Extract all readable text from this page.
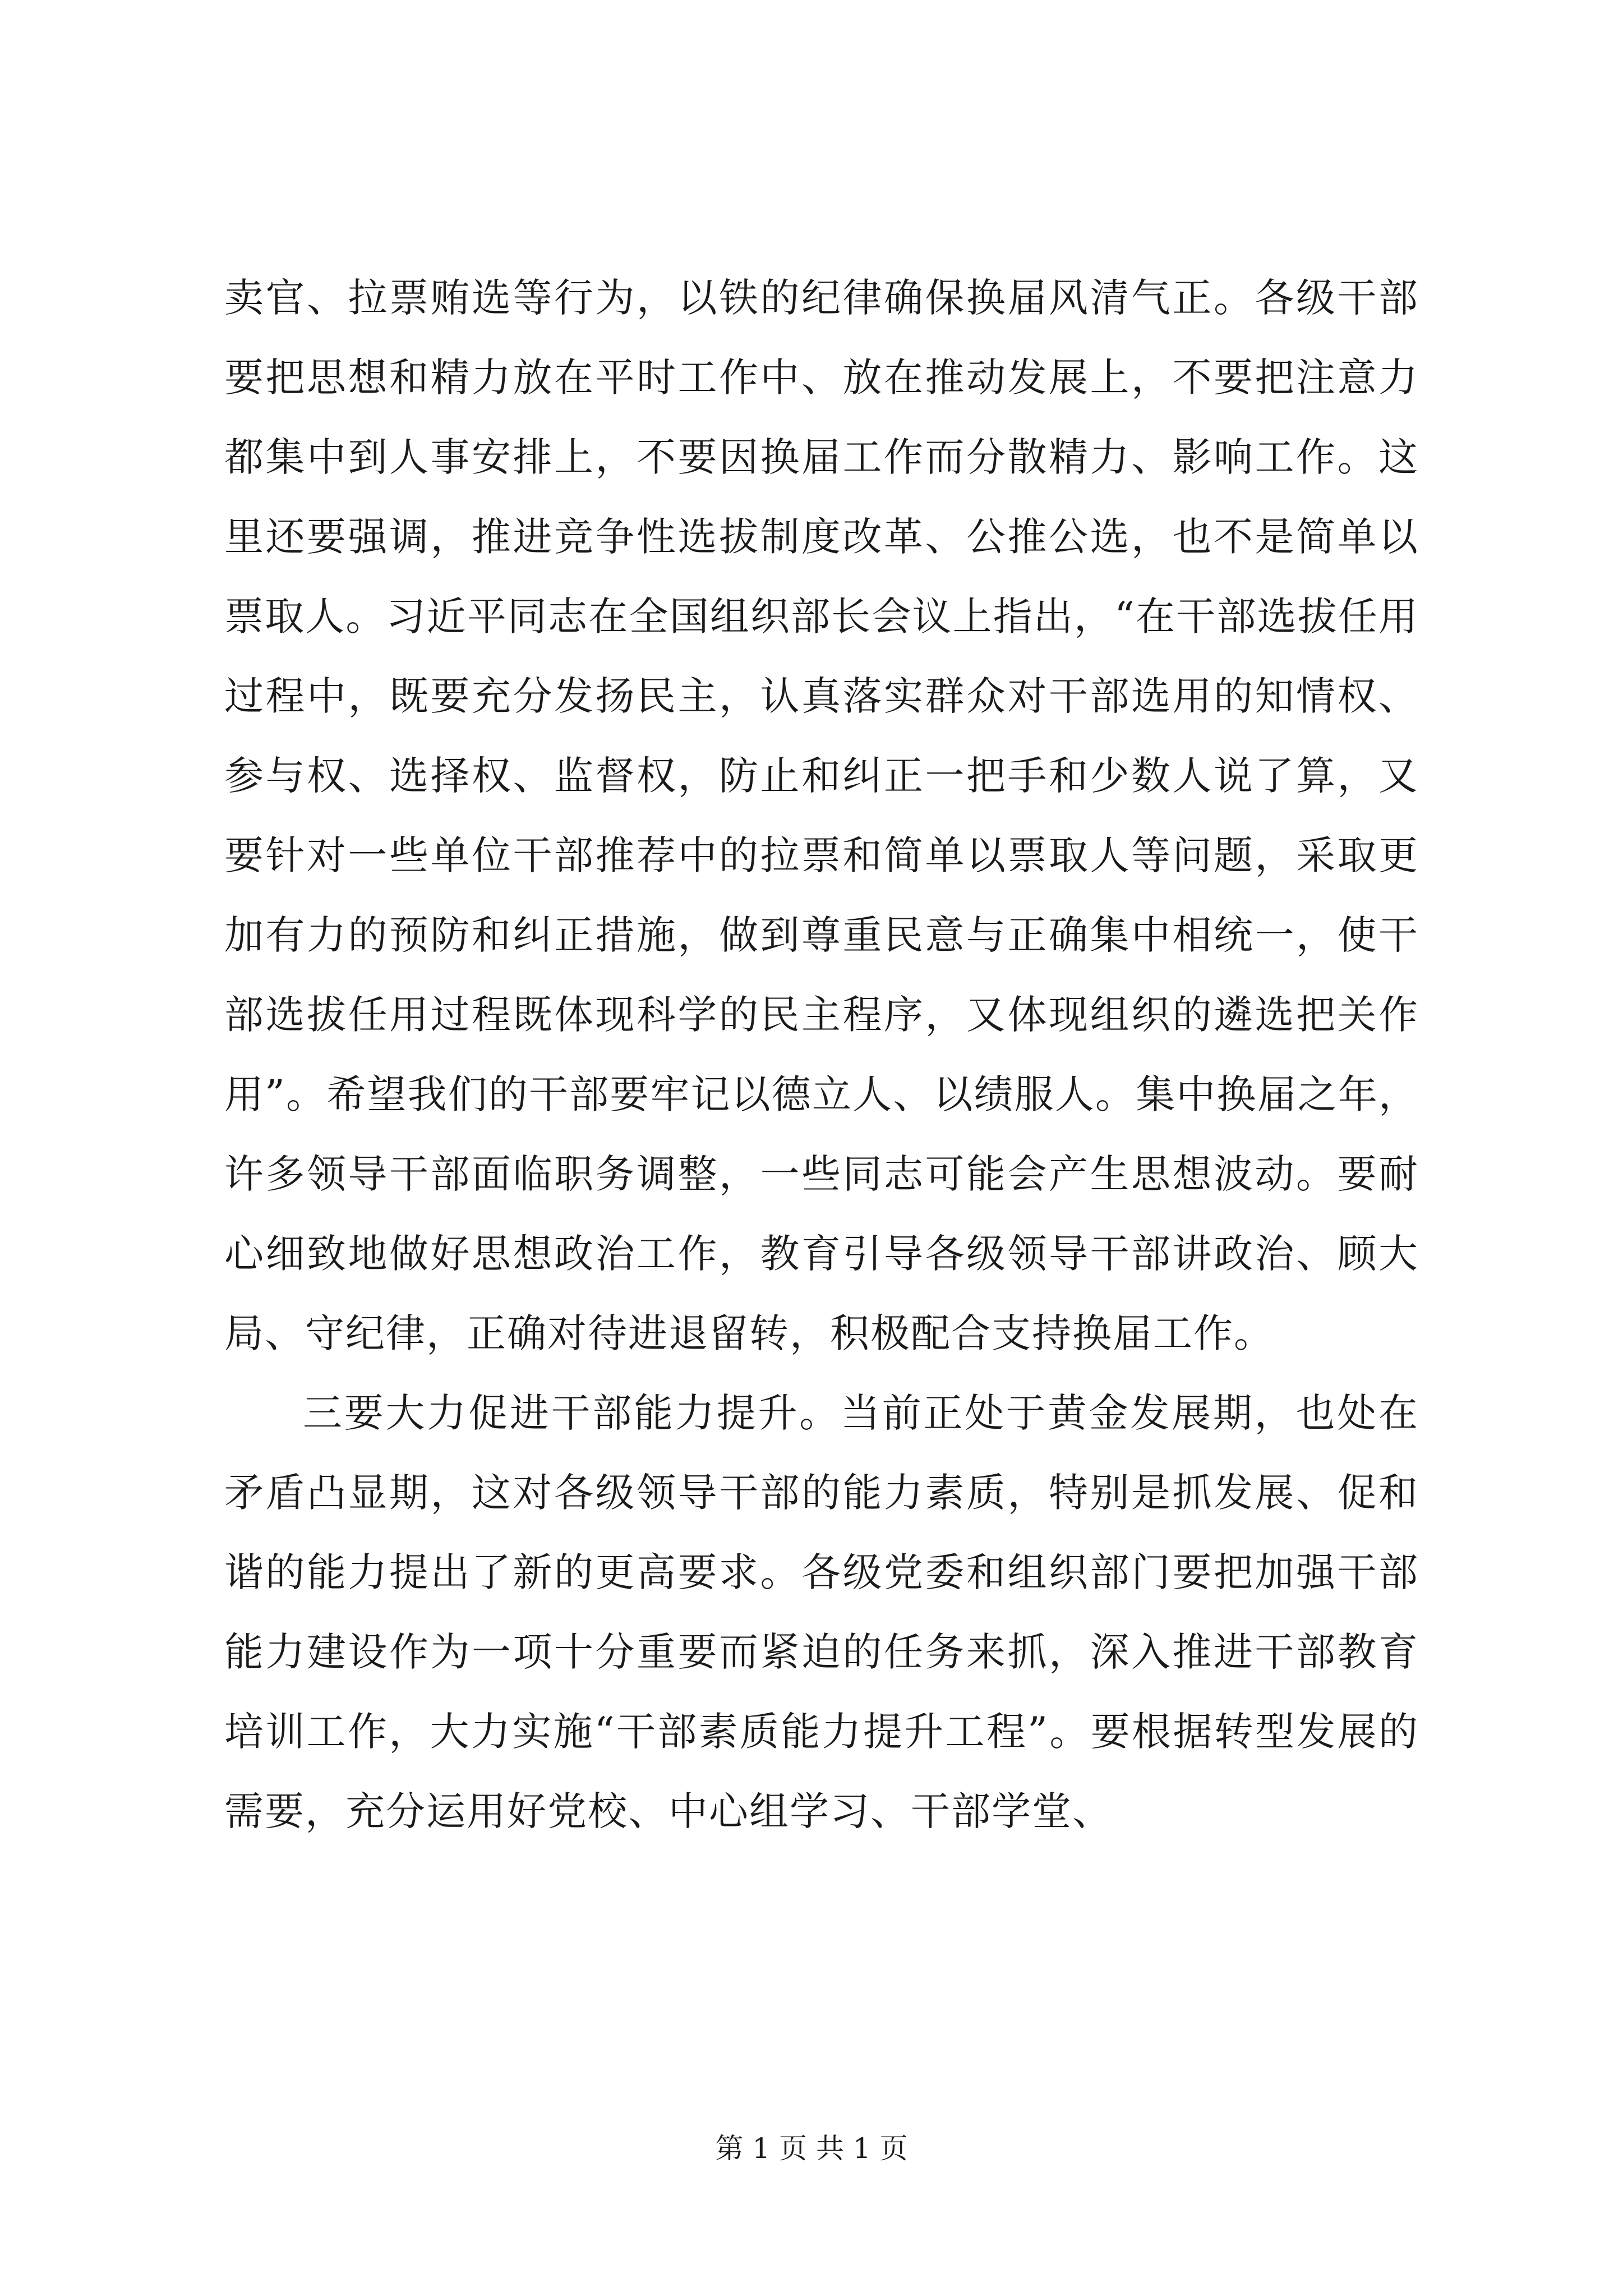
卖官、拉票贿选等行为，以铁的纪律确保换届风清气正。各级干部要把思想和精力放在平时工作中、放在推动发展上，不要把注意力都集中到人事安排上，不要因换届工作而分散精力、影响工作。这里还要强调，推进竞争性选拔制度改革、公推公选，也不是简单以票取人。习近平同志在全国组织部长会议上指出，“在干部选拔任用过程中，既要充分发扬民主，认真落实群众对干部选用的知情权、参与权、选择权、监督权，防止和纠正一把手和少数人说了算，又要针对一些单位干部推荐中的拉票和简单以票取人等问题，采取更加有力的预防和纠正措施，做到尊重民意与正确集中相统一，使干部选拔任用过程既体现科学的民主程序，又体现组织的遴选把关作用”。希望我们的干部要牢记以德立人、以绩服人。集中换届之年，许多领导干部面临职务调整，一些同志可能会产生思想波动。要耐心细致地做好思想政治工作，教育引导各级领导干部讲政治、顾大局、守纪律，正确对待进退留转，积极配合支持换届工作。

三要大力促进干部能力提升。当前正处于黄金发展期，也处在矛盾凸显期，这对各级领导干部的能力素质，特别是抓发展、促和谐的能力提出了新的更高要求。各级党委和组织部门要把加强干部能力建设作为一项十分重要而紧迫的任务来抓，深入推进干部教育培训工作，大力实施“干部素质能力提升工程”。要根据转型发展的需要，充分运用好党校、中心组学习、干部学堂、

第 1 页 共 1 页
